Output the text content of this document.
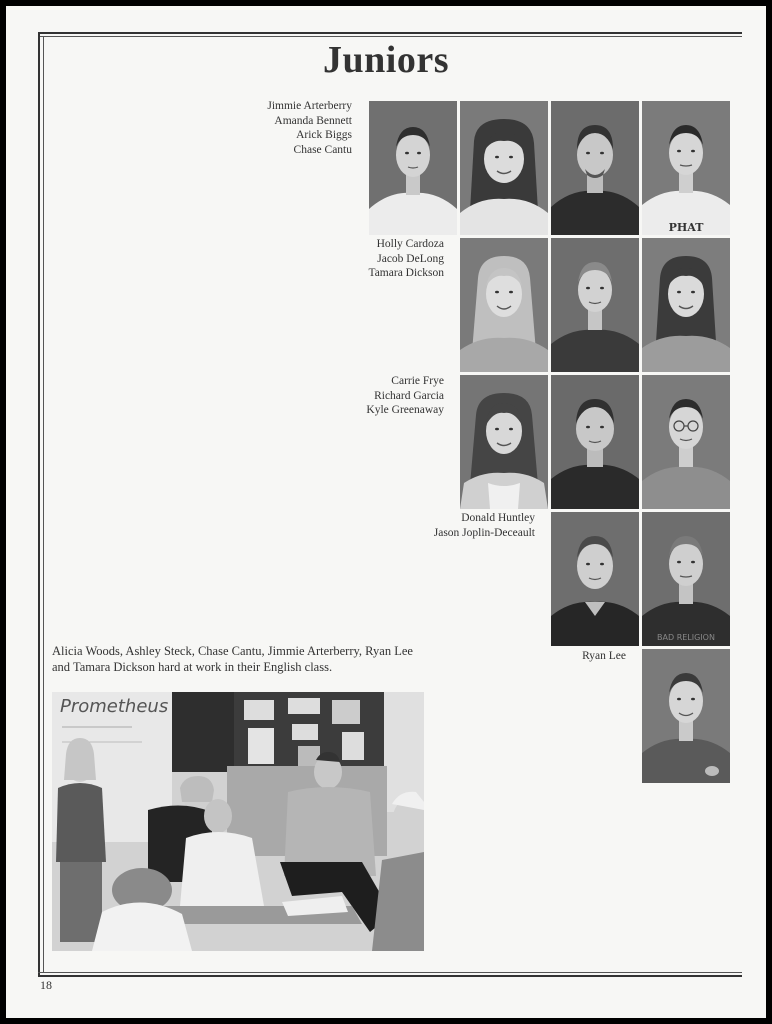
Juniors
Jimmie Arterberry
Amanda Bennett
Arick Biggs
Chase Cantu
Holly Cardoza
Jacob DeLong
Tamara Dickson
Carrie Frye
Richard Garcia
Kyle Greenaway
Donald Huntley
Jason Joplin-Deceault
Ryan Lee
PHAT
BAD RELIGION
Alicia Woods, Ashley Steck, Chase Cantu, Jimmie Arterberry, Ryan Lee and Tamara Dickson hard at work in their English class.
Prometheus
18
